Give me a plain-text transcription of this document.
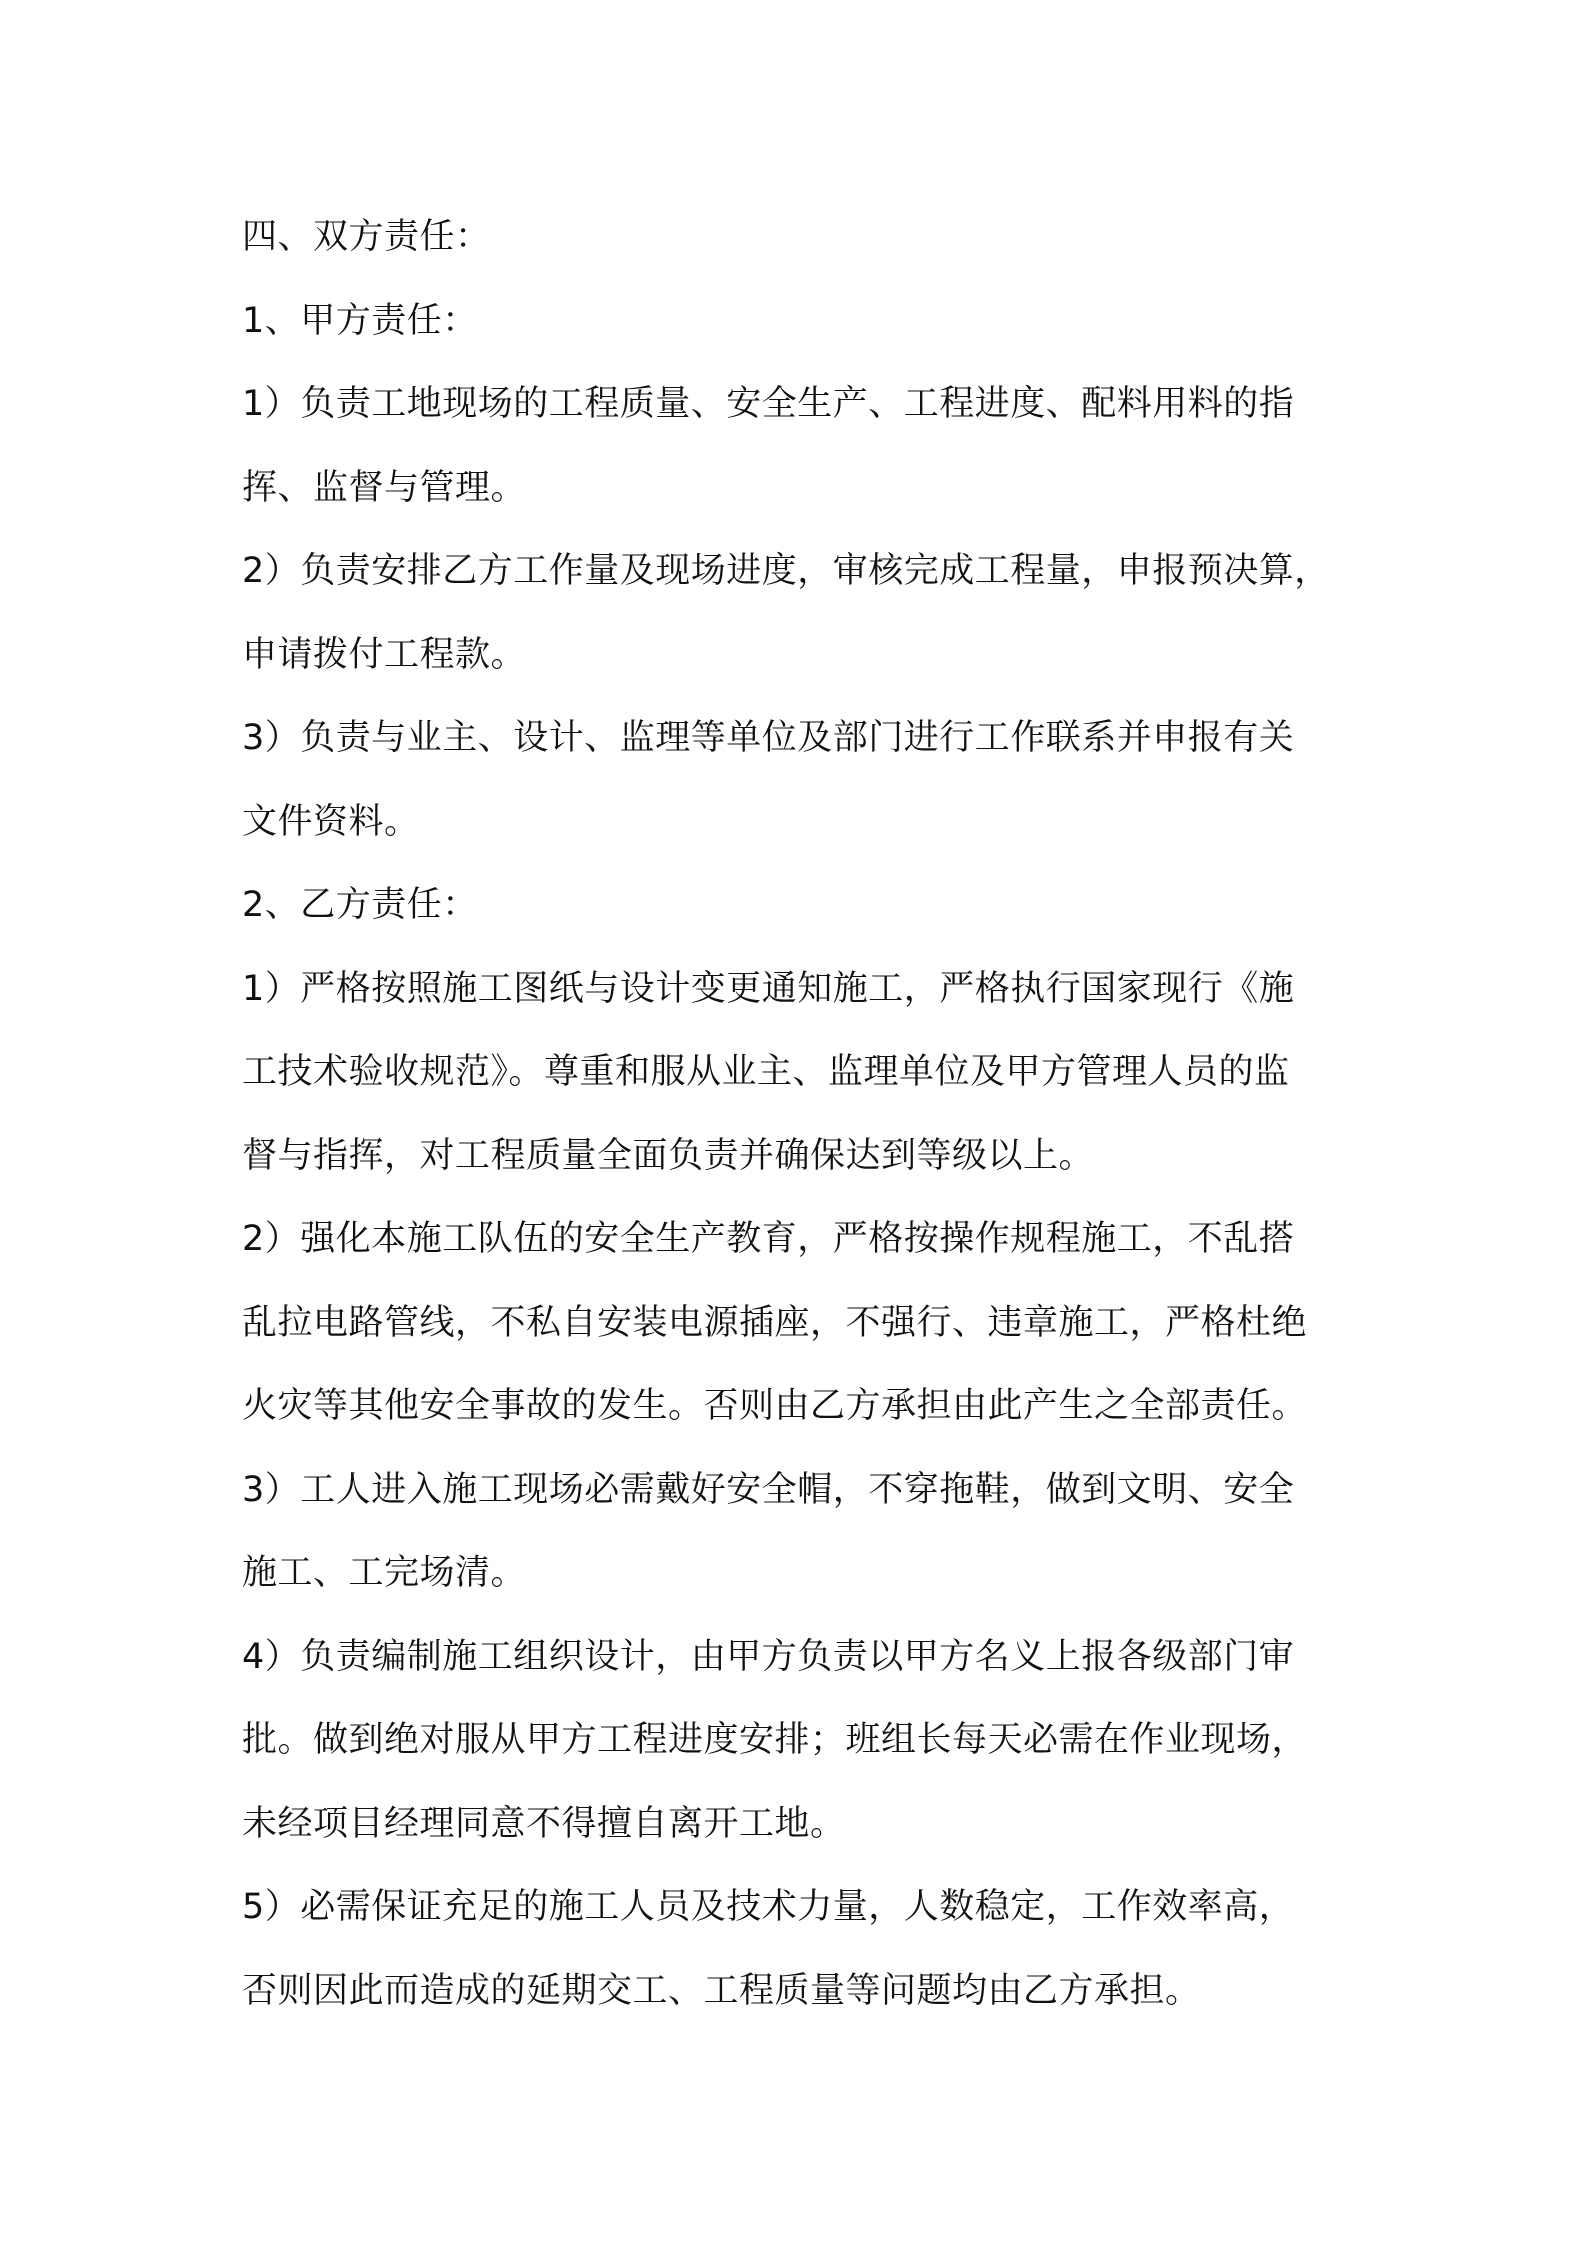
四、双方责任：

1、甲方责任：

1）负责工地现场的工程质量、安全生产、工程进度、配料用料的指

挥、监督与管理。

2）负责安排乙方工作量及现场进度，审核完成工程量，申报预决算，

申请拨付工程款。

3）负责与业主、设计、监理等单位及部门进行工作联系并申报有关

文件资料。

2、乙方责任：

1）严格按照施工图纸与设计变更通知施工，严格执行国家现行《施

工技术验收规范》。尊重和服从业主、监理单位及甲方管理人员的监

督与指挥，对工程质量全面负责并确保达到等级以上。

2）强化本施工队伍的安全生产教育，严格按操作规程施工，不乱搭

乱拉电路管线，不私自安装电源插座，不强行、违章施工，严格杜绝

火灾等其他安全事故的发生。否则由乙方承担由此产生之全部责任。

3）工人进入施工现场必需戴好安全帽，不穿拖鞋，做到文明、安全

施工、工完场清。

4）负责编制施工组织设计，由甲方负责以甲方名义上报各级部门审

批。做到绝对服从甲方工程进度安排；班组长每天必需在作业现场，

未经项目经理同意不得擅自离开工地。

5）必需保证充足的施工人员及技术力量，人数稳定，工作效率高，

否则因此而造成的延期交工、工程质量等问题均由乙方承担。
